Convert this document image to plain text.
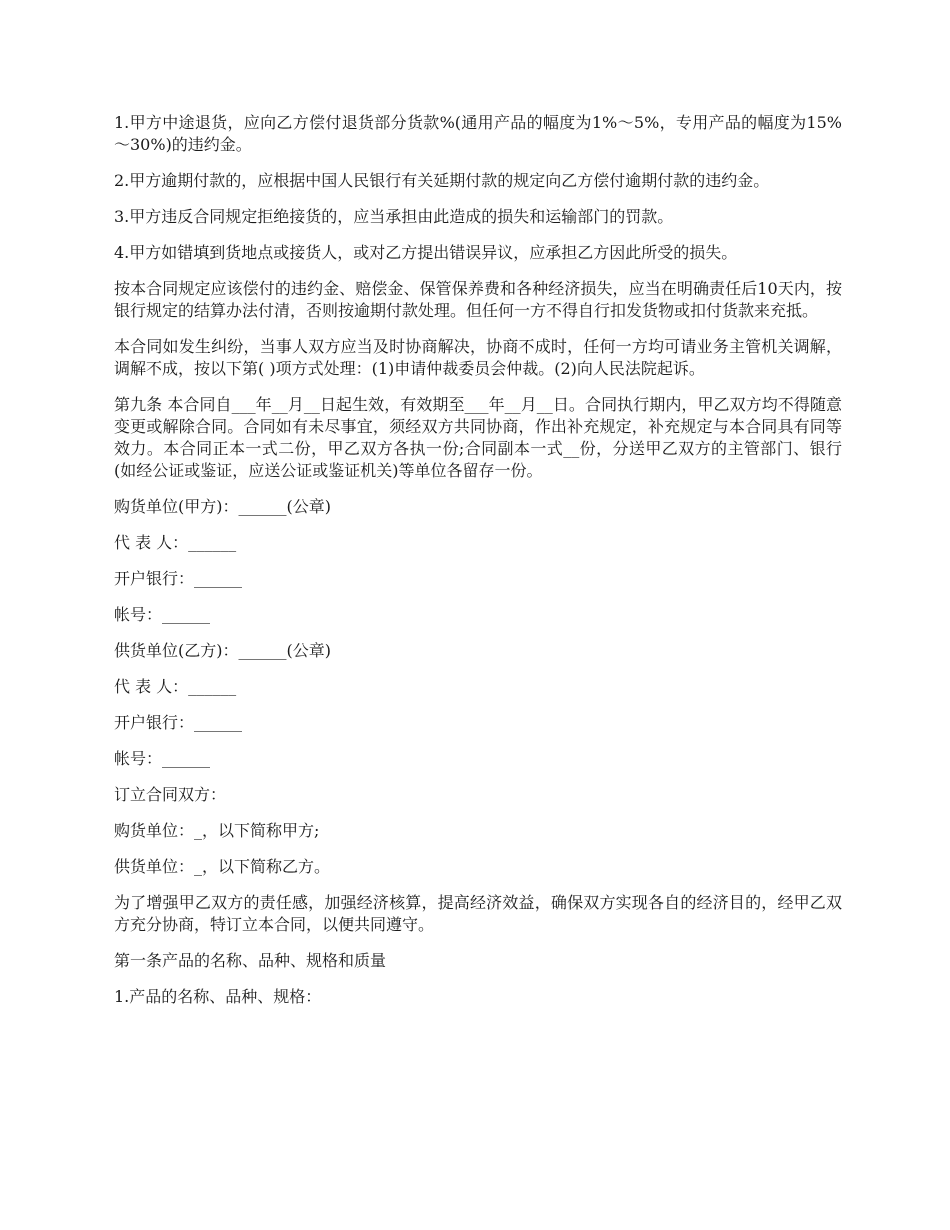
1.甲方中途退货，应向乙方偿付退货部分货款%(通用产品的幅度为1%～5%，专用产品的幅度为15%～30%)的违约金。

2.甲方逾期付款的，应根据中国人民银行有关延期付款的规定向乙方偿付逾期付款的违约金。

3.甲方违反合同规定拒绝接货的，应当承担由此造成的损失和运输部门的罚款。

4.甲方如错填到货地点或接货人，或对乙方提出错误异议，应承担乙方因此所受的损失。

按本合同规定应该偿付的违约金、赔偿金、保管保养费和各种经济损失，应当在明确责任后10天内，按银行规定的结算办法付清，否则按逾期付款处理。但任何一方不得自行扣发货物或扣付货款来充抵。

本合同如发生纠纷，当事人双方应当及时协商解决，协商不成时，任何一方均可请业务主管机关调解，调解不成，按以下第( )项方式处理：(1)申请仲裁委员会仲裁。(2)向人民法院起诉。

第九条 本合同自___年__月__日起生效，有效期至___年__月__日。合同执行期内，甲乙双方均不得随意变更或解除合同。合同如有未尽事宜，须经双方共同协商，作出补充规定，补充规定与本合同具有同等效力。本合同正本一式二份，甲乙双方各执一份;合同副本一式__份，分送甲乙双方的主管部门、银行(如经公证或鉴证，应送公证或鉴证机关)等单位各留存一份。

购货单位(甲方)：______(公章)

代 表 人：______

开户银行：______

帐号：______

供货单位(乙方)：______(公章)

代 表 人：______

开户银行：______

帐号：______

订立合同双方：

购货单位：_，以下简称甲方;

供货单位：_，以下简称乙方。

为了增强甲乙双方的责任感，加强经济核算，提高经济效益，确保双方实现各自的经济目的，经甲乙双方充分协商，特订立本合同，以便共同遵守。

第一条产品的名称、品种、规格和质量

1.产品的名称、品种、规格：
